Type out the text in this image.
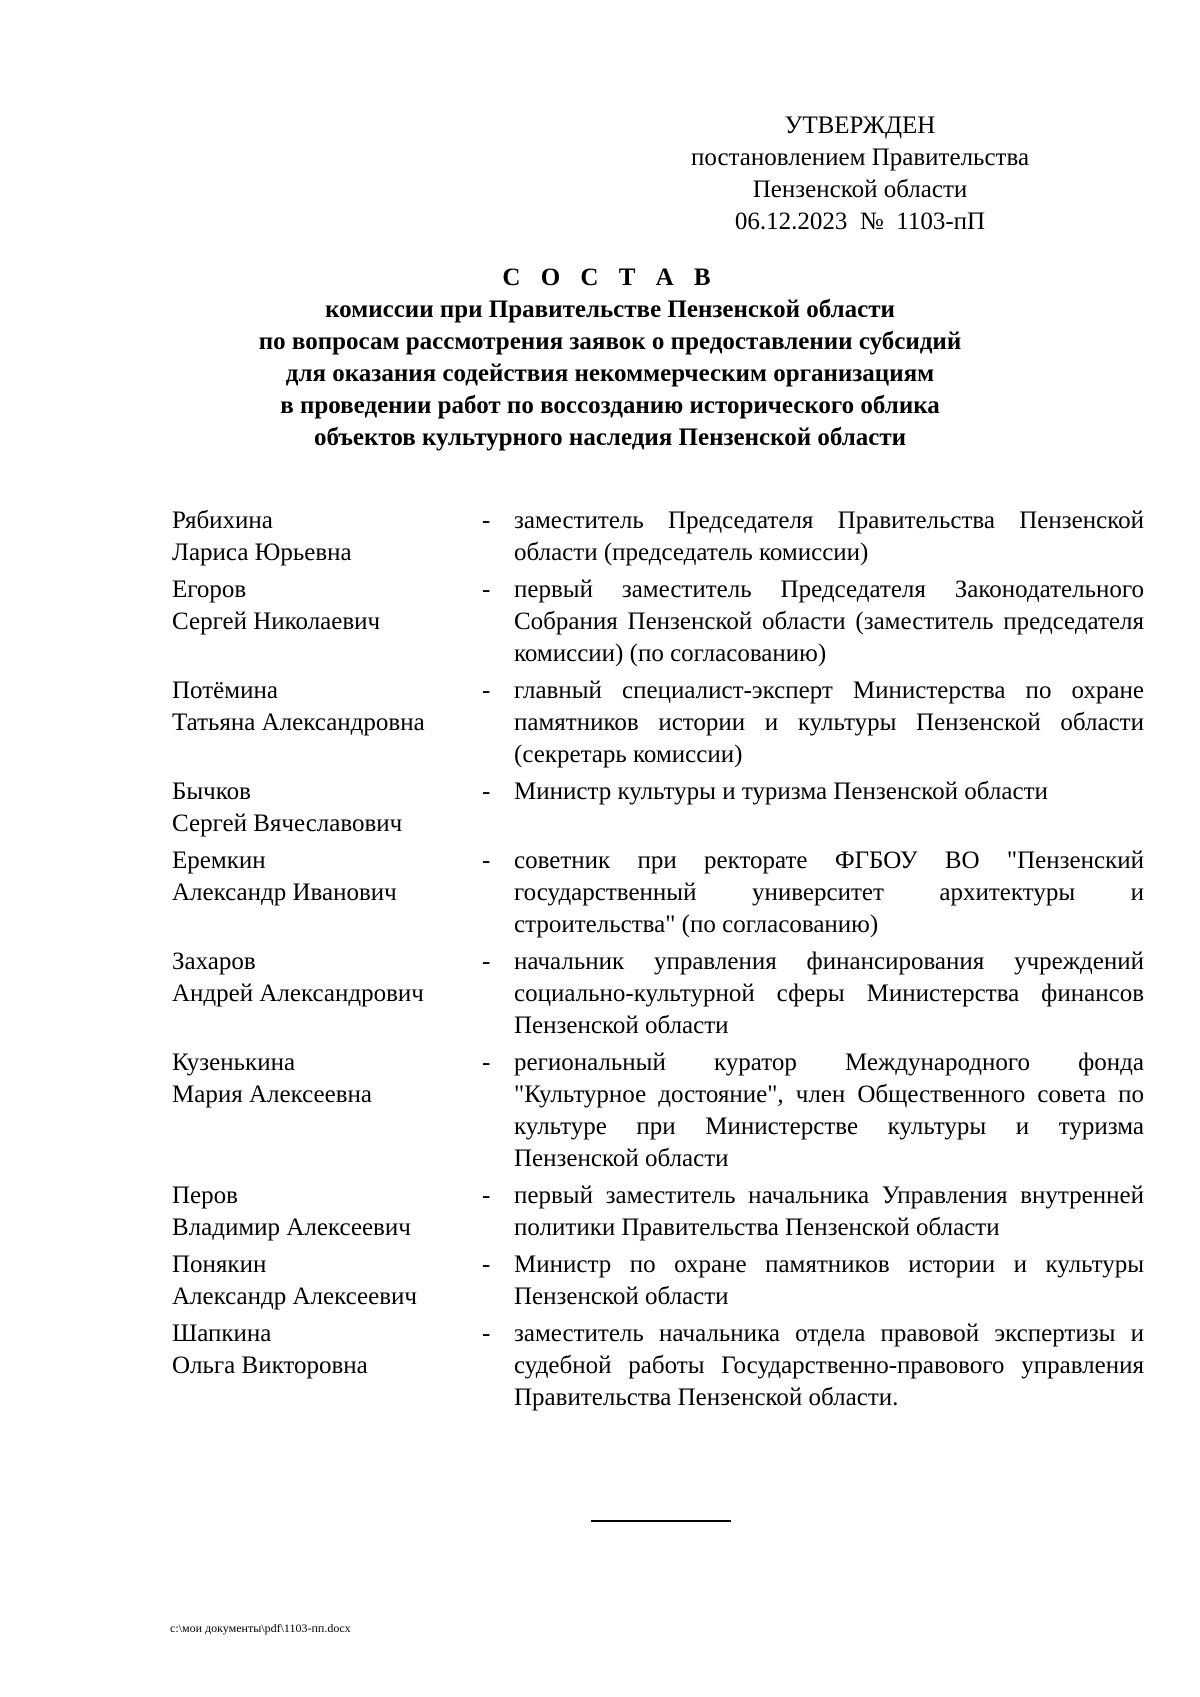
УТВЕРЖДЕН
постановлением Правительства
Пензенской области
06.12.2023  №  1103-пП
С О С Т А В
комиссии при Правительстве Пензенской области
по вопросам рассмотрения заявок о предоставлении субсидий
для оказания содействия некоммерческим организациям
в проведении работ по воссозданию исторического облика
объектов культурного наследия Пензенской области
Рябихина
Лариса Юрьевна
- заместитель Председателя Правительства Пензенской области (председатель комиссии)
Егоров
Сергей Николаевич
- первый заместитель Председателя Законодательного Собрания Пензенской области (заместитель председателя комиссии) (по согласованию)
Потёмина
Татьяна Александровна
- главный специалист-эксперт Министерства по охране памятников истории и культуры Пензенской области (секретарь комиссии)
Бычков
Сергей Вячеславович
- Министр культуры и туризма Пензенской области
Еремкин
Александр Иванович
- советник при ректорате ФГБОУ ВО "Пензенский государственный университет архитектуры и строительства" (по согласованию)
Захаров
Андрей Александрович
- начальник управления финансирования учреждений социально-культурной сферы Министерства финансов Пензенской области
Кузенькина
Мария Алексеевна
- региональный куратор Международного фонда "Культурное достояние", член Общественного совета по культуре при Министерстве культуры и туризма Пензенской области
Перов
Владимир Алексеевич
- первый заместитель начальника Управления внутренней политики Правительства Пензенской области
Понякин
Александр Алексеевич
- Министр по охране памятников истории и культуры Пензенской области
Шапкина
Ольга Викторовна
- заместитель начальника отдела правовой экспертизы и судебной работы Государственно-правового управления Правительства Пензенской области.
c:\мои документы\pdf\1103-пп.docx
